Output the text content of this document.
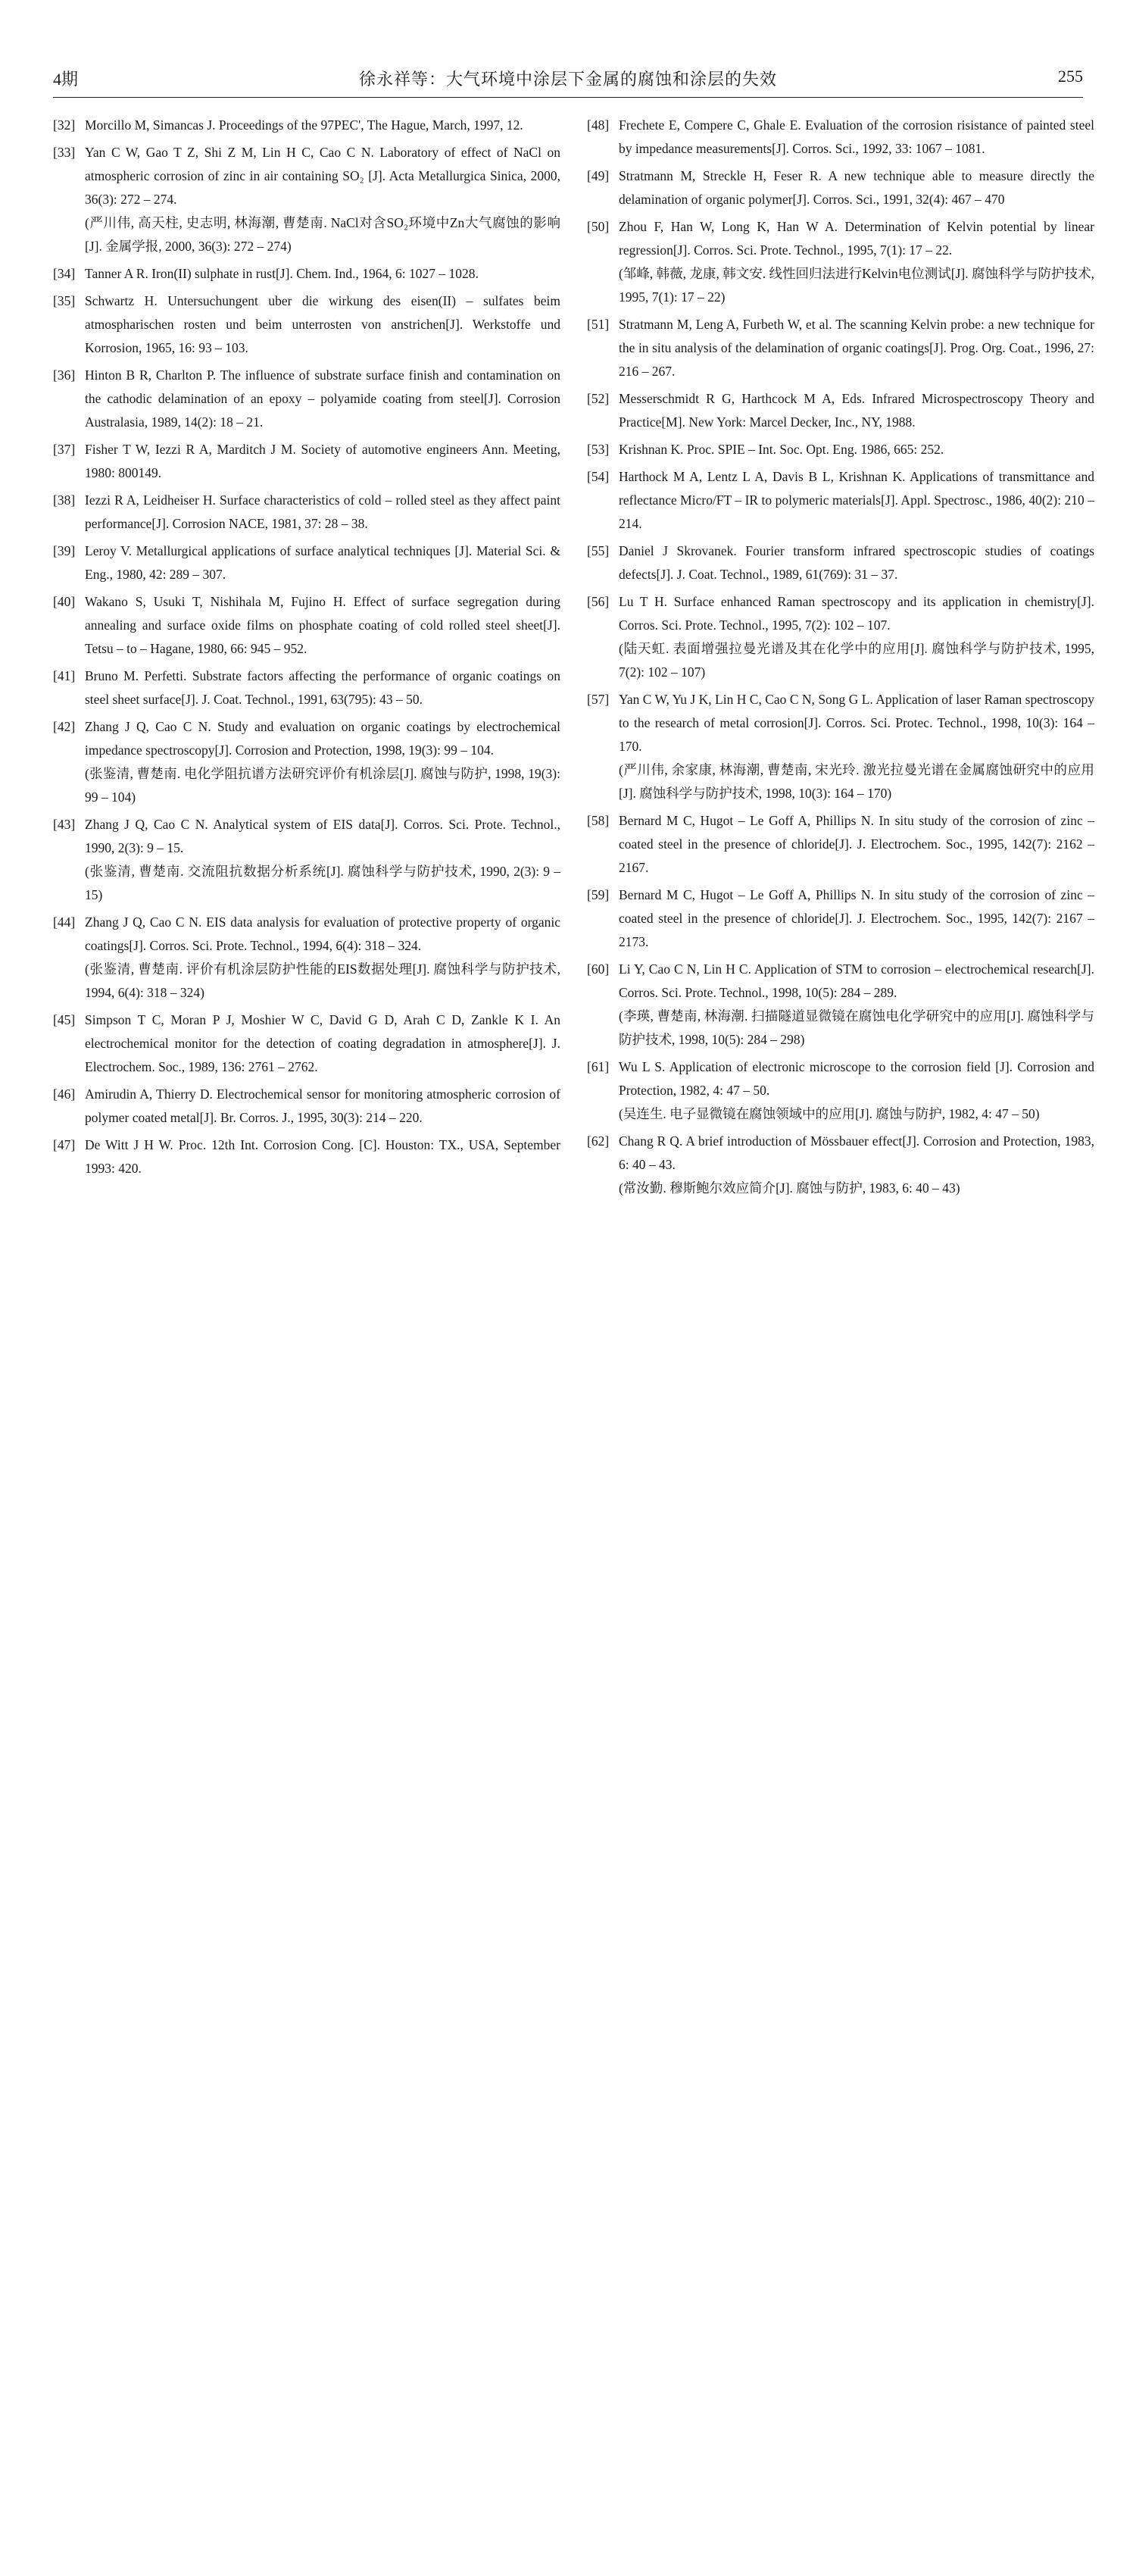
4期	徐永祥等：大气环境中涂层下金属的腐蚀和涂层的失效	255
[32] Morcillo M, Simancas J. Proceedings of the 97PEC', The Hague, March, 1997, 12.
[33] Yan C W, Gao T Z, Shi Z M, Lin H C, Cao C N. Laboratory of effect of NaCl on atmospheric corrosion of zinc in air containing SO₂ [J]. Acta Metallurgica Sinica, 2000, 36(3): 272 – 274.
(严川伟, 高天柱, 史志明, 林海潮, 曹楚南. NaCl对含SO₂环境中Zn大气腐蚀的影响[J]. 金属学报, 2000, 36(3): 272 – 274)
[34] Tanner A R. Iron(II) sulphate in rust[J]. Chem. Ind., 1964, 6: 1027 – 1028.
[35] Schwartz H. Untersuchungent uber die wirkung des eisen(II) – sulfates beim atmospharischen rosten und beim unterrosten von anstrichen[J]. Werkstoffe und Korrosion, 1965, 16: 93 – 103.
[36] Hinton B R, Charlton P. The influence of substrate surface finish and contamination on the cathodic delamination of an epoxy – polyamide coating from steel[J]. Corrosion Australasia, 1989, 14(2): 18 – 21.
[37] Fisher T W, Iezzi R A, Marditch J M. Society of automotive engineers Ann. Meeting, 1980: 800149.
[38] Iezzi R A, Leidheiser H. Surface characteristics of cold – rolled steel as they affect paint performance[J]. Corrosion NACE, 1981, 37: 28 – 38.
[39] Leroy V. Metallurgical applications of surface analytical techniques [J]. Material Sci. & Eng., 1980, 42: 289 – 307.
[40] Wakano S, Usuki T, Nishihala M, Fujino H. Effect of surface segregation during annealing and surface oxide films on phosphate coating of cold rolled steel sheet[J]. Tetsu – to – Hagane, 1980, 66: 945 – 952.
[41] Bruno M. Perfetti. Substrate factors affecting the performance of organic coatings on steel sheet surface[J]. J. Coat. Technol., 1991, 63(795): 43 – 50.
[42] Zhang J Q, Cao C N. Study and evaluation on organic coatings by electrochemical impedance spectroscopy[J]. Corrosion and Protection, 1998, 19(3): 99 – 104.
(张鉴清, 曹楚南. 电化学阻抗谱方法研究评价有机涂层[J]. 腐蚀与防护, 1998, 19(3): 99 – 104)
[43] Zhang J Q, Cao C N. Analytical system of EIS data[J]. Corros. Sci. Prote. Technol., 1990, 2(3): 9 – 15.
(张鉴清, 曹楚南. 交流阻抗数据分析系统[J]. 腐蚀科学与防护技术, 1990, 2(3): 9 – 15)
[44] Zhang J Q, Cao C N. EIS data analysis for evaluation of protective property of organic coatings[J]. Corros. Sci. Prote. Technol., 1994, 6(4): 318 – 324.
(张鉴清, 曹楚南. 评价有机涂层防护性能的EIS数据处理[J]. 腐蚀科学与防护技术, 1994, 6(4): 318 – 324)
[45] Simpson T C, Moran P J, Moshier W C, David G D, Arah C D, Zankle K I. An electrochemical monitor for the detection of coating degradation in atmosphere[J]. J. Electrochem. Soc., 1989, 136: 2761 – 2762.
[46] Amirudin A, Thierry D. Electrochemical sensor for monitoring atmospheric corrosion of polymer coated metal[J]. Br. Corros. J., 1995, 30(3): 214 – 220.
[47] De Witt J H W. Proc. 12th Int. Corrosion Cong. [C]. Houston: TX., USA, September 1993: 420.
[48] Frechete E, Compere C, Ghale E. Evaluation of the corrosion risistance of painted steel by impedance measurements[J]. Corros. Sci., 1992, 33: 1067 – 1081.
[49] Stratmann M, Streckle H, Feser R. A new technique able to measure directly the delamination of organic polymer[J]. Corros. Sci., 1991, 32(4): 467 – 470
[50] Zhou F, Han W, Long K, Han W A. Determination of Kelvin potential by linear regression[J]. Corros. Sci. Prote. Technol., 1995, 7(1): 17 – 22.
(邹峰, 韩薇, 龙康, 韩文安. 线性回归法进行Kelvin电位测试[J]. 腐蚀科学与防护技术, 1995, 7(1): 17 – 22)
[51] Stratmann M, Leng A, Furbeth W, et al. The scanning Kelvin probe: a new technique for the in situ analysis of the delamination of organic coatings[J]. Prog. Org. Coat., 1996, 27: 216 – 267.
[52] Messerschmidt R G, Harthcock M A, Eds. Infrared Microspectroscopy Theory and Practice[M]. New York: Marcel Decker, Inc., NY, 1988.
[53] Krishnan K. Proc. SPIE – Int. Soc. Opt. Eng. 1986, 665: 252.
[54] Harthock M A, Lentz L A, Davis B L, Krishnan K. Applications of transmittance and reflectance Micro/FT – IR to polymeric materials[J]. Appl. Spectrosc., 1986, 40(2): 210 – 214.
[55] Daniel J Skrovanek. Fourier transform infrared spectroscopic studies of coatings defects[J]. J. Coat. Technol., 1989, 61(769): 31 – 37.
[56] Lu T H. Surface enhanced Raman spectroscopy and its application in chemistry[J]. Corros. Sci. Prote. Technol., 1995, 7(2): 102 – 107.
(陆天虹. 表面增强拉曼光谱及其在化学中的应用[J]. 腐蚀科学与防护技术, 1995, 7(2): 102 – 107)
[57] Yan C W, Yu J K, Lin H C, Cao C N, Song G L. Application of laser Raman spectroscopy to the research of metal corrosion[J]. Corros. Sci. Protec. Technol., 1998, 10(3): 164 – 170.
(严川伟, 余家康, 林海潮, 曹楚南, 宋光玲. 激光拉曼光谱在金属腐蚀研究中的应用[J]. 腐蚀科学与防护技术, 1998, 10(3): 164 – 170)
[58] Bernard M C, Hugot – Le Goff A, Phillips N. In situ study of the corrosion of zinc – coated steel in the presence of chloride[J]. J. Electrochem. Soc., 1995, 142(7): 2162 – 2167.
[59] Bernard M C, Hugot – Le Goff A, Phillips N. In situ study of the corrosion of zinc – coated steel in the presence of chloride[J]. J. Electrochem. Soc., 1995, 142(7): 2167 – 2173.
[60] Li Y, Cao C N, Lin H C. Application of STM to corrosion – electrochemical research[J]. Corros. Sci. Prote. Technol., 1998, 10(5): 284 – 289.
(李瑛, 曹楚南, 林海潮. 扫描隧道显微镜在腐蚀电化学研究中的应用[J]. 腐蚀科学与防护技术, 1998, 10(5): 284 – 298)
[61] Wu L S. Application of electronic microscope to the corrosion field [J]. Corrosion and Protection, 1982, 4: 47 – 50.
(吴连生. 电子显微镜在腐蚀领域中的应用[J]. 腐蚀与防护, 1982, 4: 47 – 50)
[62] Chang R Q. A brief introduction of Mössbauer effect[J]. Corrosion and Protection, 1983, 6: 40 – 43.
(常汝勤. 穆斯鲍尔效应简介[J]. 腐蚀与防护, 1983, 6: 40 – 43)
